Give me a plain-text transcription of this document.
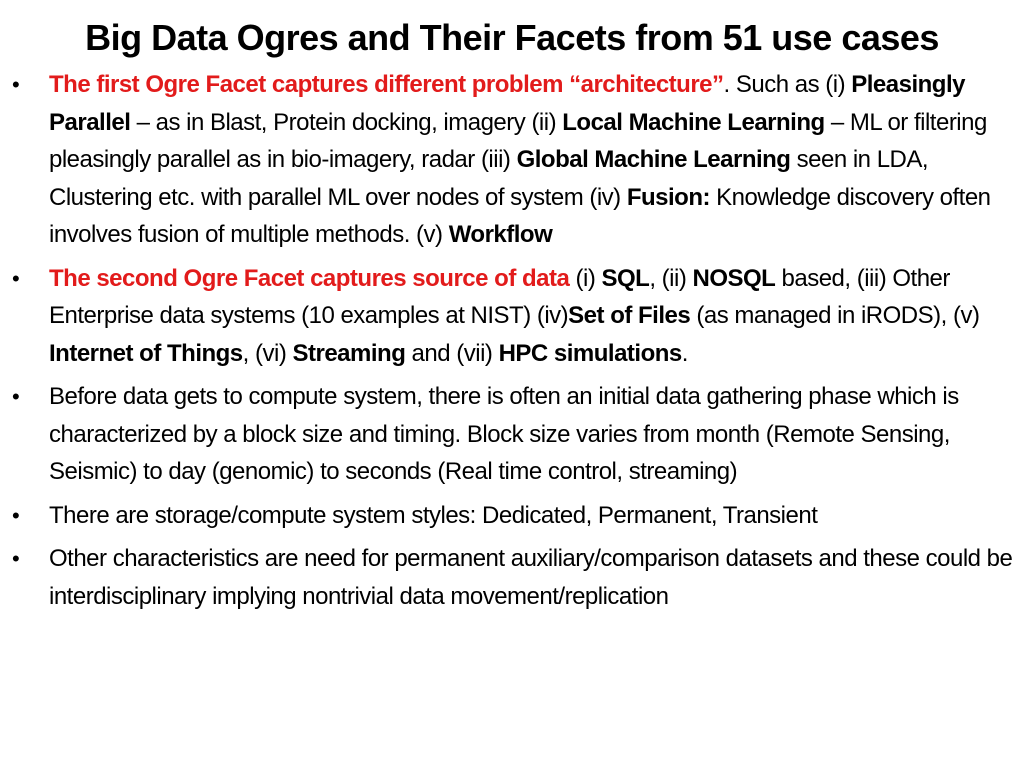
Big Data Ogres and Their Facets from 51 use cases
• The first Ogre Facet captures different problem “architecture”. Such as (i) Pleasingly Parallel – as in Blast, Protein docking, imagery (ii) Local Machine Learning – ML or filtering pleasingly parallel as in bio-imagery, radar (iii) Global Machine Learning seen in LDA, Clustering etc. with parallel ML over nodes of system (iv) Fusion: Knowledge discovery often involves fusion of multiple methods. (v) Workflow
• The second Ogre Facet captures source of data (i) SQL, (ii) NOSQL based, (iii) Other Enterprise data systems (10 examples at NIST) (iv)Set of Files (as managed in iRODS), (v) Internet of Things, (vi) Streaming and (vii) HPC simulations.
• Before data gets to compute system, there is often an initial data gathering phase which is characterized by a block size and timing. Block size varies from month (Remote Sensing, Seismic) to day (genomic) to seconds (Real time control, streaming)
• There are storage/compute system styles: Dedicated, Permanent, Transient
• Other characteristics are need for permanent auxiliary/comparison datasets and these could be interdisciplinary implying nontrivial data movement/replication
